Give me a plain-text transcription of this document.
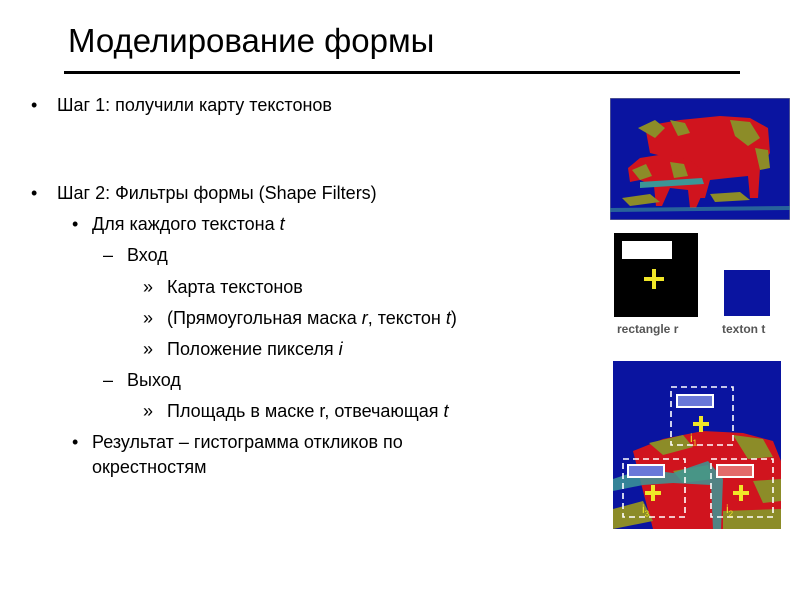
Моделирование формы
• Шаг 1: получили карту текстонов
• Шаг 2: Фильтры формы (Shape Filters)
• Для каждого текстона t
– Вход
» Карта текстонов
» (Прямоугольная маска r, текстон t)
» Положение пикселя i
– Выход
» Площадь в маске r, отвечающая t
• Результат – гистограмма откликов по
окрестностям
rectangle r	texton t
$i_1$
$i_2$
$i_3$
